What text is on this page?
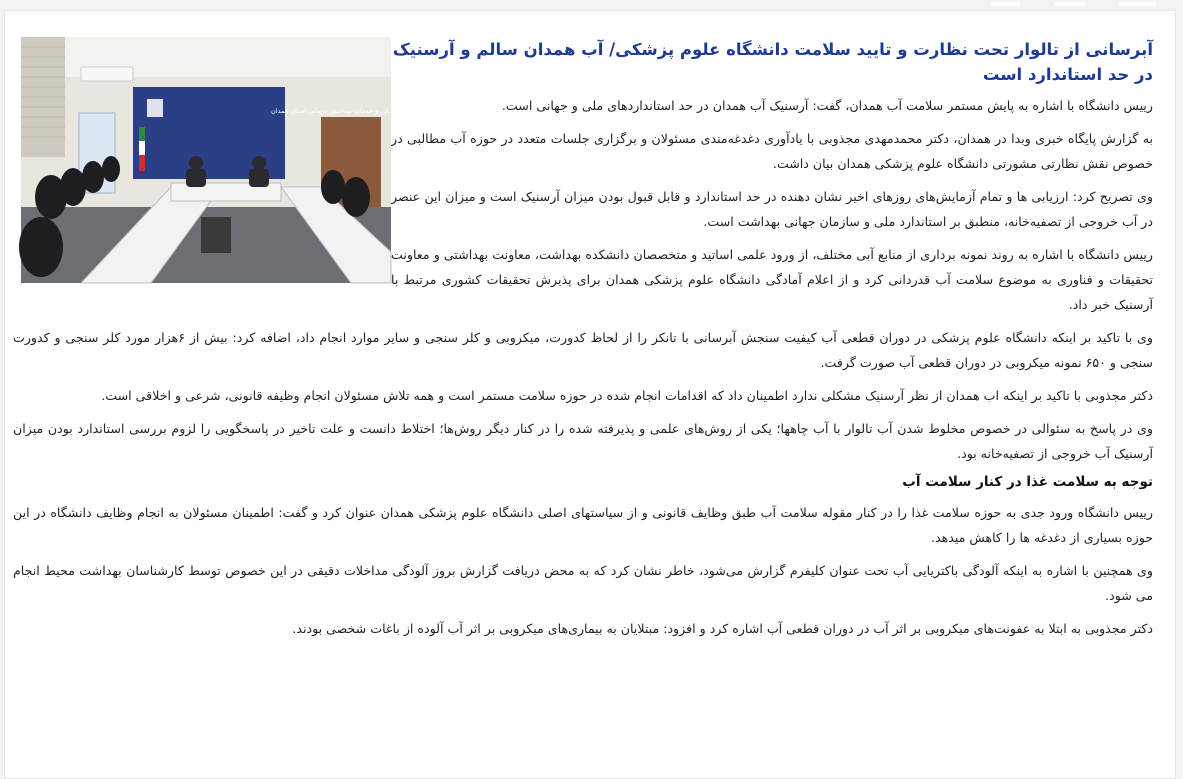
دانشگاه علوم پزشکی و خدمات بهداشتی درمانی استان همدان
آبرسانی از تالوار تحت نظارت و تایید سلامت دانشگاه علوم پزشکی/ آب همدان سالم و آرسنیک در حد استاندارد است

رییس دانشگاه با اشاره به پایش مستمر سلامت آب همدان، گفت: آرسنیک آب همدان در حد استانداردهای ملی و جهانی است.

به گزارش پایگاه خبری وبدا در همدان، دکتر محمدمهدی مجذوبی با یادآوری دغدغه‌مندی مسئولان و برگزاری جلسات متعدد در حوزه آب مطالبی در خصوص نقش نظارتی مشورتی دانشگاه علوم پزشکی همدان بیان داشت.

وی تصریح کرد: ارزیابی ها و تمام آزمایش‌های روزهای اخیر نشان دهنده در حد استاندارد و قابل قبول بودن میزان آرسنیک است و میزان این عنصر در آب خروجی از تصفیه‌خانه، منطبق بر استاندارد ملی و سازمان جهانی بهداشت است.

رییس دانشگاه با اشاره به روند نمونه برداری از منابع آبی مختلف، از ورود علمی اساتید و متخصصان دانشکده بهداشت، معاونت بهداشتی و معاونت تحقیقات و فناوری به موضوع سلامت آب قدردانی کرد و از اعلام آمادگی دانشگاه علوم پزشکی همدان برای پذیرش تحقیقات کشوری مرتبط با آرسنیک خبر داد.

وی با تاکید بر اینکه دانشگاه علوم پزشکی در دوران قطعی آب کیفیت سنجش آبرسانی با تانکر را از لحاظ کدورت، میکروبی و کلر سنجی و سایر موارد انجام داد، اضافه کرد: بیش از ۶هزار مورد کلر سنجی و کدورت سنجی و ۶۵۰ نمونه میکروبی در دوران قطعی آب صورت گرفت.

دکتر مجذوبی با تاکید بر اینکه اب همدان از نظر آرسنیک مشکلی ندارد اطمینان داد که اقدامات انجام شده در حوزه سلامت مستمر است و همه تلاش مسئولان انجام وظیفه قانونی، شرعی و اخلاقی است.

وی در پاسخ به سئوالی در خصوص مخلوط شدن آب تالوار با آب چاهها؛ یکی از روش‌های علمی و پذیرفته شده را در کنار دیگر روش‌ها؛ اختلاط دانست و علت تاخیر در پاسخگویی را لزوم بررسی استاندارد بودن میزان آرسنیک آب خروجی از تصفیه‌خانه بود.

توجه به سلامت غذا در کنار سلامت آب

رییس دانشگاه ورود جدی به حوزه سلامت غذا را در کنار مقوله سلامت آب طبق وظایف قانونی و از سیاستهای اصلی دانشگاه علوم پزشکی همدان عنوان کرد و گفت: اطمینان مسئولان به انجام وظایف دانشگاه در این حوزه بسیاری از دغدغه ها را کاهش میدهد.

وی همچنین با اشاره به اینکه آلودگی باکتریایی آب تحت عنوان کلیفرم گزارش می‌شود، خاطر نشان کرد که به محض دریافت گزارش بروز آلودگی مداخلات دقیقی در این خصوص توسط کارشناسان بهداشت محیط انجام می شود.

دکتر مجذوبی به ابتلا به عفونت‌های میکروبی بر اثر آب در دوران قطعی آب اشاره کرد و افزود: مبتلایان به بیماری‌های میکروبی بر اثر آب آلوده از باغات شخصی بودند.
